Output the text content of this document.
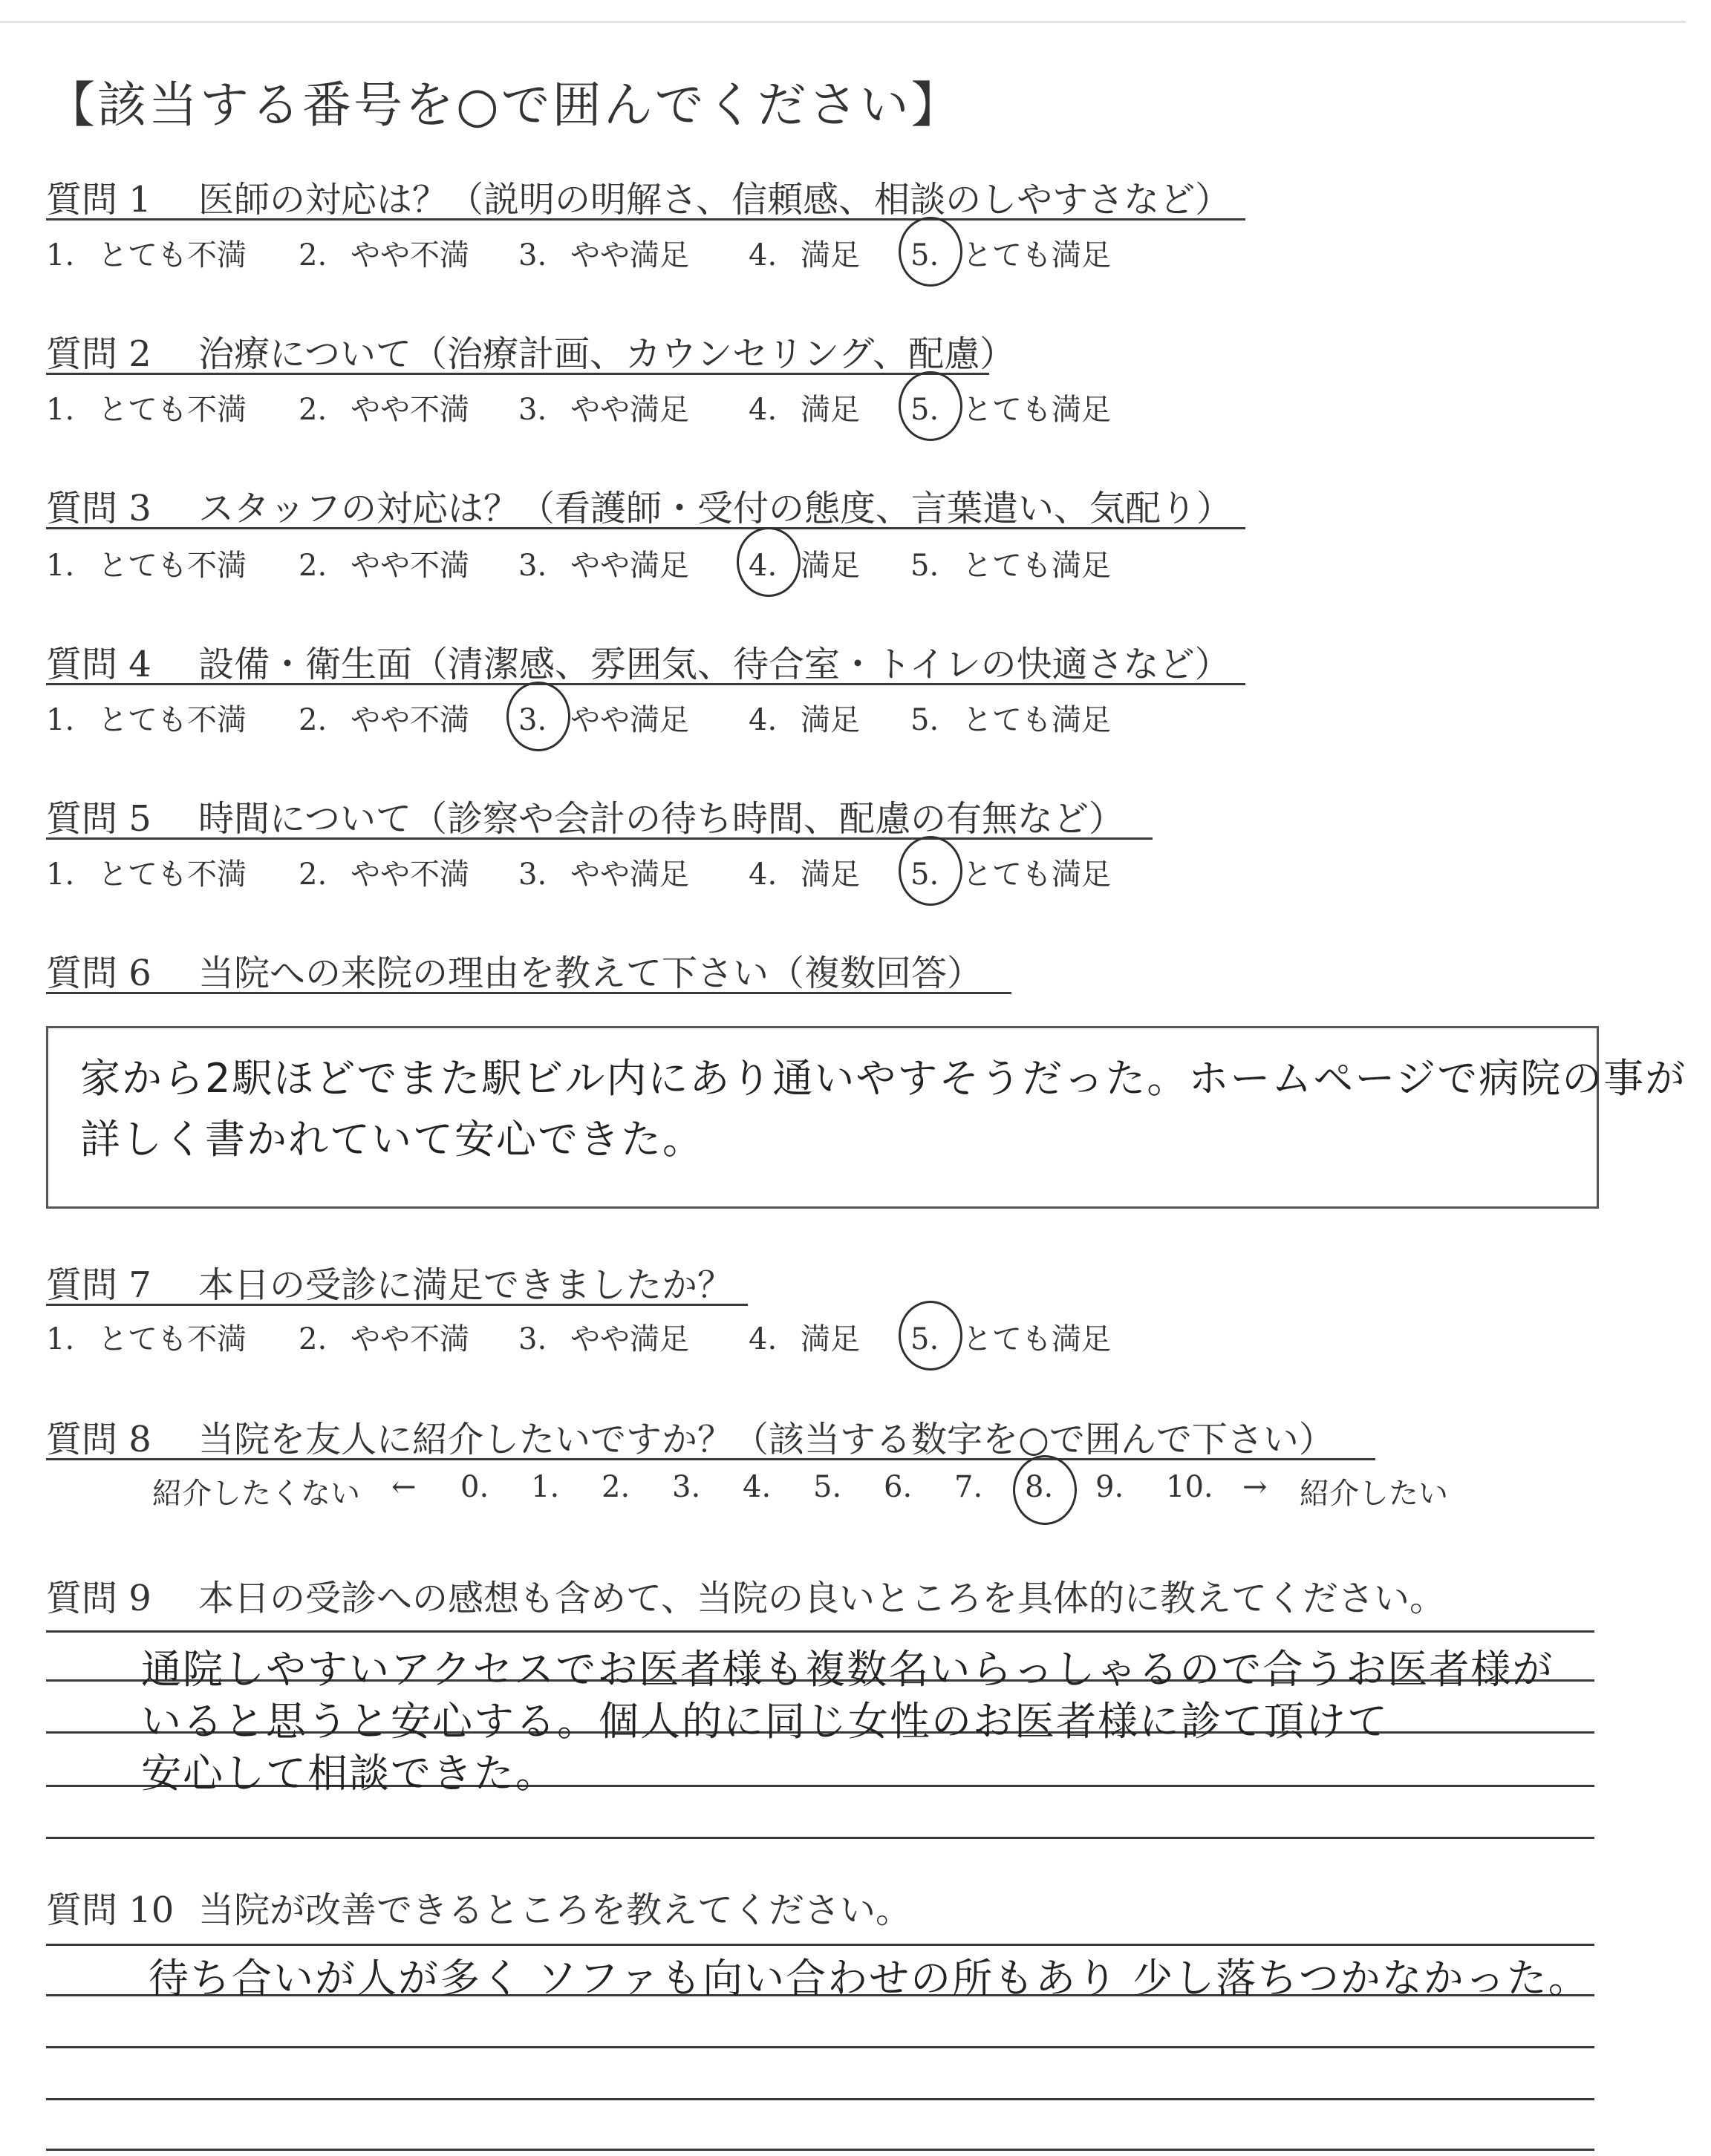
【該当する番号を○で囲んでください】
質問 1 医師の対応は？（説明の明解さ、信頼感、相談のしやすさなど）
1. とても不満 2. やや不満 3. やや満足 4. 満足 5. とても満足
質問 2 治療について（治療計画、カウンセリング、配慮）
1. とても不満 2. やや不満 3. やや満足 4. 満足 5. とても満足
質問 3 スタッフの対応は？（看護師・受付の態度、言葉遣い、気配り）
1. とても不満 2. やや不満 3. やや満足 4. 満足 5. とても満足
質問 4 設備・衛生面（清潔感、雰囲気、待合室・トイレの快適さなど）
1. とても不満 2. やや不満 3. やや満足 4. 満足 5. とても満足
質問 5 時間について（診察や会計の待ち時間、配慮の有無など）
1. とても不満 2. やや不満 3. やや満足 4. 満足 5. とても満足
質問 6 当院への来院の理由を教えて下さい（複数回答）
家から2駅ほどでまた駅ビル内にあり通いやすそうだった。ホームページで病院の事が
詳しく書かれていて安心できた。
質問 7 本日の受診に満足できましたか？
1. とても不満 2. やや不満 3. やや満足 4. 満足 5. とても満足
質問 8 当院を友人に紹介したいですか？（該当する数字を○で囲んで下さい）
紹介したくない ← 0. 1. 2. 3. 4. 5. 6. 7. 8. 9. 10. → 紹介したい
質問 9 本日の受診への感想も含めて、当院の良いところを具体的に教えてください。
通院しやすいアクセスでお医者様も複数名いらっしゃるので合うお医者様が
いると思うと安心する。個人的に同じ女性のお医者様に診て頂けて
安心して相談できた。
質問 10 当院が改善できるところを教えてください。
待ち合いが人が多く ソファも向い合わせの所もあり 少し落ちつかなかった。
